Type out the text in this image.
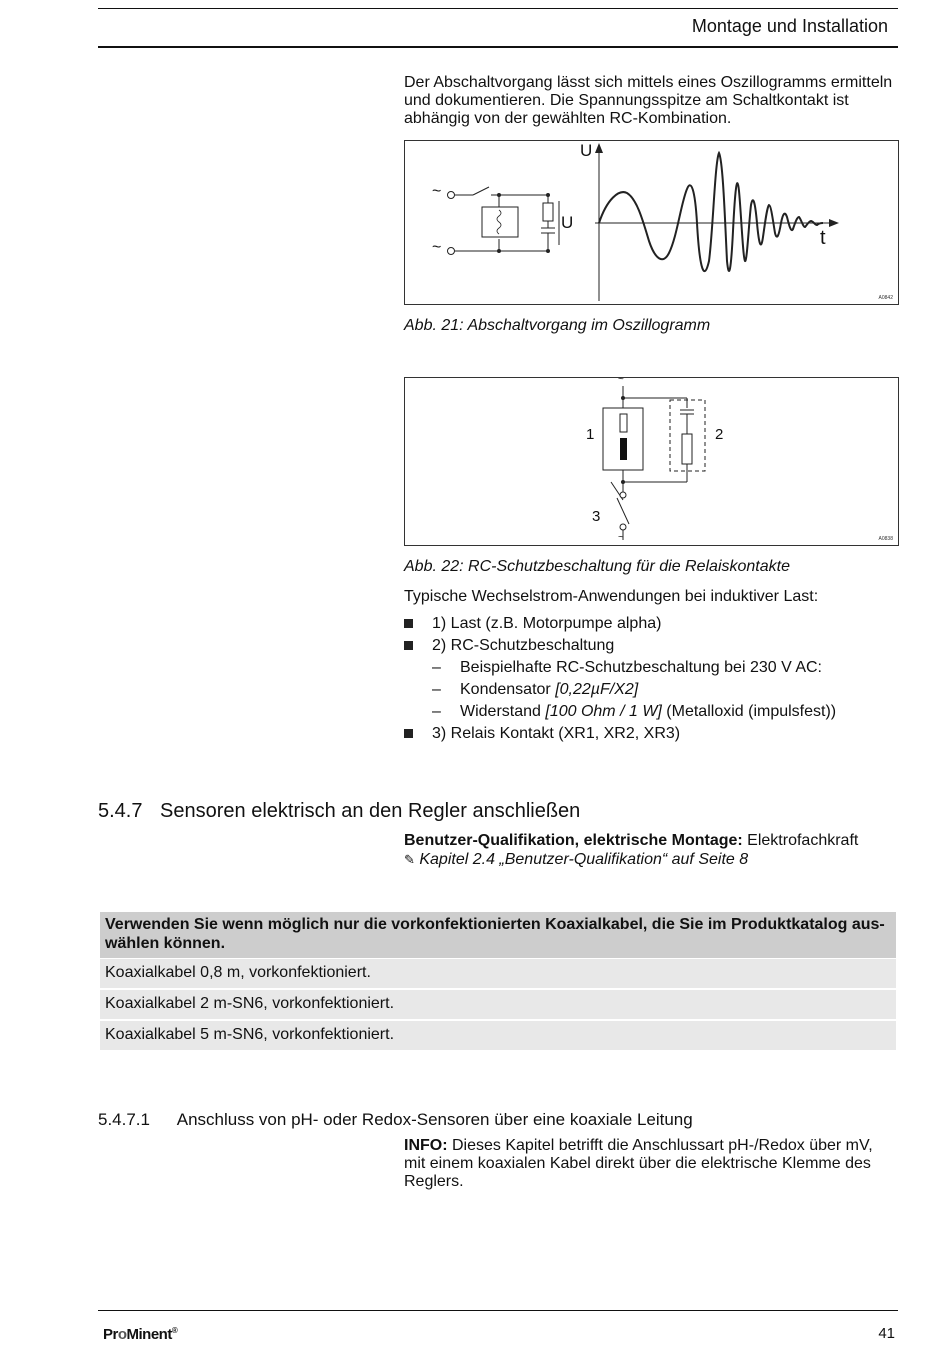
Montage und Installation
Der Abschaltvorgang lässt sich mittels eines Oszillogramms ermitteln und dokumentieren. Die Spannungsspitze am Schaltkontakt ist abhängig von der gewählten RC-Kombination.
U
t
U
~
~
A0842
Abb. 21: Abschaltvorgang im Oszillogramm
1	2
3
~
~	A0838
Abb. 22: RC-Schutzbeschaltung für die Relaiskontakte
Typische Wechselstrom-Anwendungen bei induktiver Last:
1) Last (z.B. Motorpumpe alpha)
2) RC-Schutzbeschaltung
– Beispielhafte RC-Schutzbeschaltung bei 230 V AC:
– Kondensator [0,22µF/X2]
– Widerstand [100 Ohm / 1 W] (Metalloxid (impulsfest))
3) Relais Kontakt (XR1, XR2, XR3)
5.4.7 Sensoren elektrisch an den Regler anschließen
Benutzer-Qualifikation, elektrische Montage: Elektrofachkraft
✎ Kapitel 2.4 „Benutzer-Qualifikation“ auf Seite 8
Verwenden Sie wenn möglich nur die vorkonfektionierten Koaxialkabel, die Sie im Produktkatalog auswählen können.
Koaxialkabel 0,8 m, vorkonfektioniert.
Koaxialkabel 2 m-SN6, vorkonfektioniert.
Koaxialkabel 5 m-SN6, vorkonfektioniert.
5.4.7.1 Anschluss von pH- oder Redox-Sensoren über eine koaxiale Leitung
INFO: Dieses Kapitel betrifft die Anschlussart pH-/Redox über mV, mit einem koaxialen Kabel direkt über die elektrische Klemme des Reglers.
ProMinent®	41
